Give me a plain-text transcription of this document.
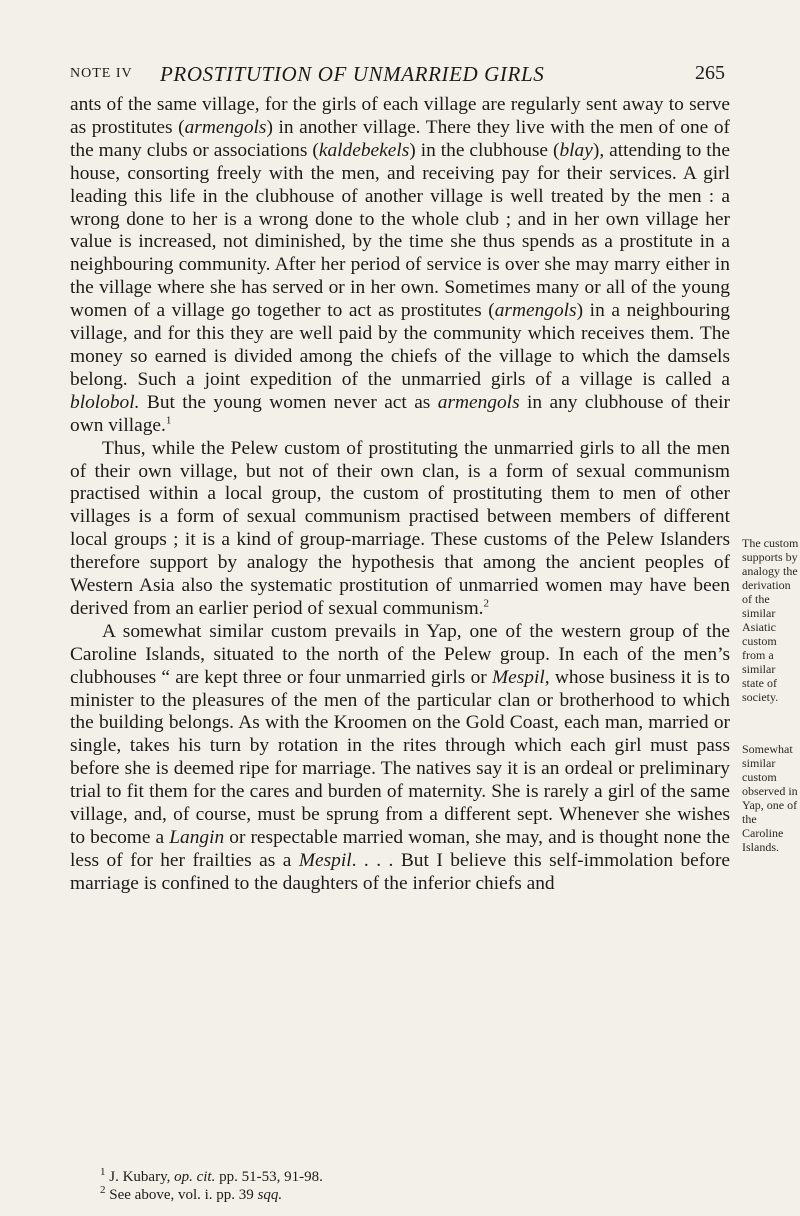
NOTE IV PROSTITUTION OF UNMARRIED GIRLS	265

ants of the same village, for the girls of each village are regularly sent away to serve as prostitutes (armengols) in another village. There they live with the men of one of the many clubs or associations (kaldebekels) in the clubhouse (blay), attending to the house, consorting freely with the men, and receiving pay for their services. A girl leading this life in the clubhouse of another village is well treated by the men : a wrong done to her is a wrong done to the whole club ; and in her own village her value is increased, not diminished, by the time she thus spends as a prostitute in a neighbouring community. After her period of service is over she may marry either in the village where she has served or in her own. Sometimes many or all of the young women of a village go together to act as prostitutes (armengols) in a neighbouring village, and for this they are well paid by the community which receives them. The money so earned is divided among the chiefs of the village to which the damsels belong. Such a joint expedition of the unmarried girls of a village is called a blolobol. But the young women never act as armengols in any clubhouse of their own village.$^1$

Thus, while the Pelew custom of prostituting the unmarried girls to all the men of their own village, but not of their own clan, is a form of sexual communism practised within a local group, the custom of prostituting them to men of other villages is a form of sexual communism practised between members of different local groups ; it is a kind of group-marriage. These customs of the Pelew Islanders therefore support by analogy the hypothesis that among the ancient peoples of Western Asia also the systematic prostitution of unmarried women may have been derived from an earlier period of sexual communism.$^2$

A somewhat similar custom prevails in Yap, one of the western group of the Caroline Islands, situated to the north of the Pelew group. In each of the men’s clubhouses “ are kept three or four unmarried girls or Mespil, whose business it is to minister to the pleasures of the men of the particular clan or brotherhood to which the building belongs. As with the Kroomen on the Gold Coast, each man, married or single, takes his turn by rotation in the rites through which each girl must pass before she is deemed ripe for marriage. The natives say it is an ordeal or preliminary trial to fit them for the cares and burden of maternity. She is rarely a girl of the same village, and, of course, must be sprung from a different sept. Whenever she wishes to become a Langin or respectable married woman, she may, and is thought none the less of for her frailties as a Mespil. . . . But I believe this self-immolation before marriage is confined to the daughters of the inferior chiefs and

The custom supports by analogy the derivation of the similar Asiatic custom from a similar state of society.
Somewhat similar custom observed in Yap, one of the Caroline Islands.

$^1$ J. Kubary, op. cit. pp. 51-53, 91-98.

$^2$ See above, vol. i. pp. 39 sqq.
